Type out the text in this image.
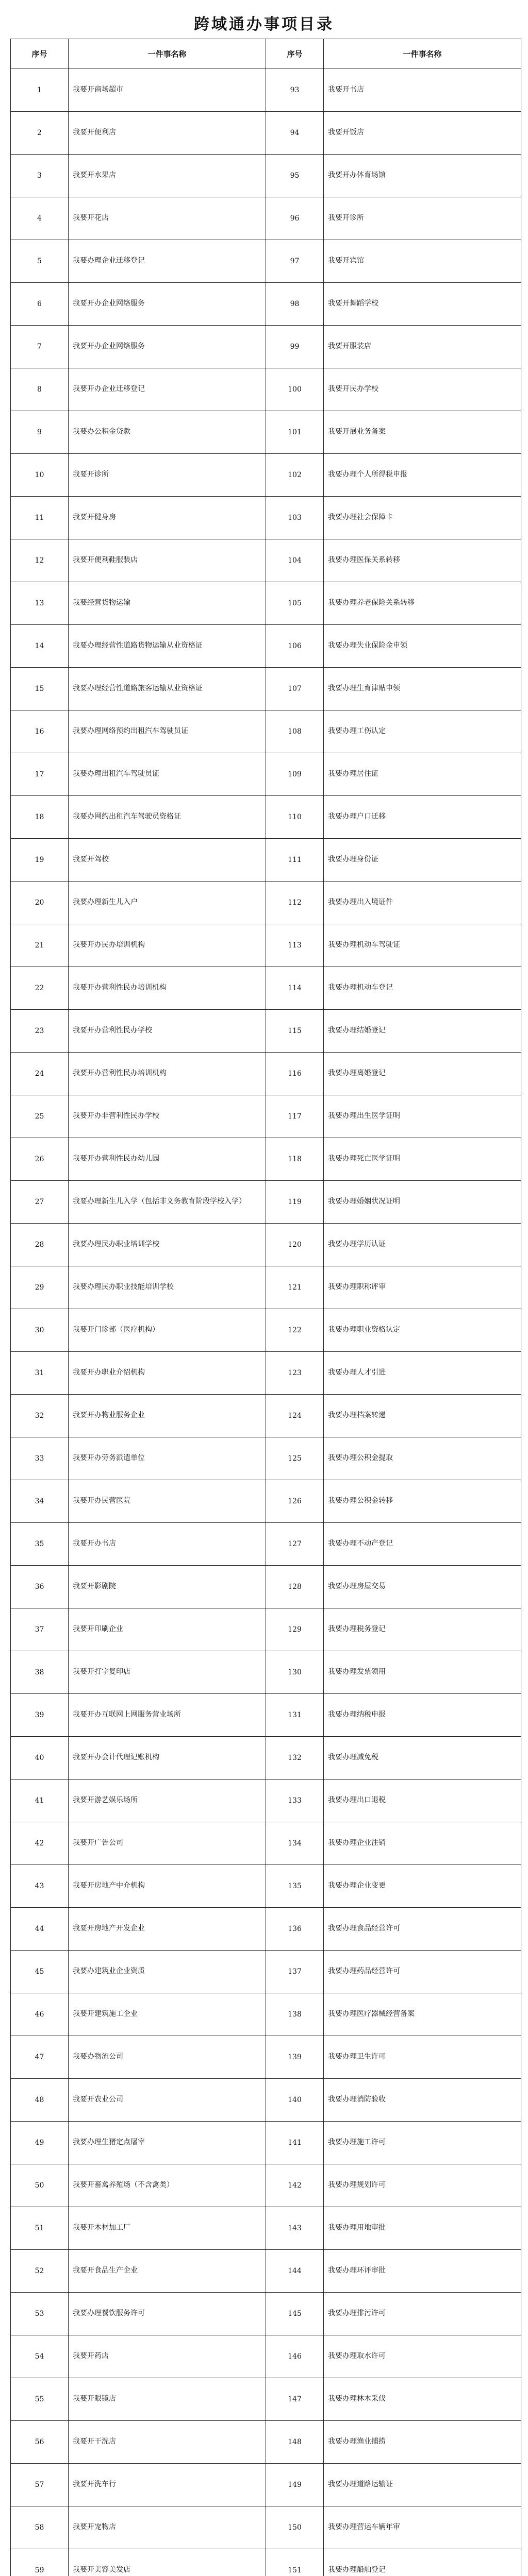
跨域通办事项目录
序号	一件事名称	序号	一件事名称
1	我要开商场超市	93	我要开书店
2	我要开便利店	94	我要开饭店
3	我要开水果店	95	我要开办体育场馆
4	我要开花店	96	我要开诊所
5	我要办理企业迁移登记	97	我要开宾馆
6	我要开办企业网络服务	98	我要开舞蹈学校
7	我要开办企业网络服务	99	我要开服装店
8	我要开办企业迁移登记	100	我要开民办学校
9	我要办公积金贷款	101	我要开展业务备案
10	我要开诊所	102	我要办理个人所得税申报
11	我要开健身房	103	我要办理社会保障卡
12	我要开便利鞋服装店	104	我要办理医保关系转移
13	我要经营货物运输	105	我要办理养老保险关系转移
14	我要办理经营性道路货物运输从业资格证	106	我要办理失业保险金申领
15	我要办理经营性道路旅客运输从业资格证	107	我要办理生育津贴申领
16	我要办理网络预约出租汽车驾驶员证	108	我要办理工伤认定
17	我要办理出租汽车驾驶员证	109	我要办理居住证
18	我要办网约出租汽车驾驶员资格证	110	我要办理户口迁移
19	我要开驾校	111	我要办理身份证
20	我要办理新生儿入户	112	我要办理出入境证件
21	我要开办民办培训机构	113	我要办理机动车驾驶证
22	我要开办营利性民办培训机构	114	我要办理机动车登记
23	我要开办营利性民办学校	115	我要办理结婚登记
24	我要开办营利性民办培训机构	116	我要办理离婚登记
25	我要开办非营利性民办学校	117	我要办理出生医学证明
26	我要开办营利性民办幼儿园	118	我要办理死亡医学证明
27	我要办理新生儿入学（包括非义务教育阶段学校入学）	119	我要办理婚姻状况证明
28	我要办理民办职业培训学校	120	我要办理学历认证
29	我要办理民办职业技能培训学校	121	我要办理职称评审
30	我要开门诊部（医疗机构）	122	我要办理职业资格认定
31	我要开办职业介绍机构	123	我要办理人才引进
32	我要开办物业服务企业	124	我要办理档案转递
33	我要开办劳务派遣单位	125	我要办理公积金提取
34	我要开办民营医院	126	我要办理公积金转移
35	我要开办书店	127	我要办理不动产登记
36	我要开影剧院	128	我要办理房屋交易
37	我要开印刷企业	129	我要办理税务登记
38	我要开打字复印店	130	我要办理发票领用
39	我要开办互联网上网服务营业场所	131	我要办理纳税申报
40	我要开办会计代理记账机构	132	我要办理减免税
41	我要开游艺娱乐场所	133	我要办理出口退税
42	我要开广告公司	134	我要办理企业注销
43	我要开房地产中介机构	135	我要办理企业变更
44	我要开房地产开发企业	136	我要办理食品经营许可
45	我要办建筑业企业资质	137	我要办理药品经营许可
46	我要开建筑施工企业	138	我要办理医疗器械经营备案
47	我要办物流公司	139	我要办理卫生许可
48	我要开农业公司	140	我要办理消防验收
49	我要办理生猪定点屠宰	141	我要办理施工许可
50	我要开畜禽养殖场（不含禽类）	142	我要办理规划许可
51	我要开木材加工厂	143	我要办理用地审批
52	我要开食品生产企业	144	我要办理环评审批
53	我要办理餐饮服务许可	145	我要办理排污许可
54	我要开药店	146	我要办理取水许可
55	我要开眼镜店	147	我要办理林木采伐
56	我要开干洗店	148	我要办理渔业捕捞
57	我要开洗车行	149	我要办理道路运输证
58	我要开宠物店	150	我要办理营运车辆年审
59	我要开美容美发店	151	我要办理船舶登记
